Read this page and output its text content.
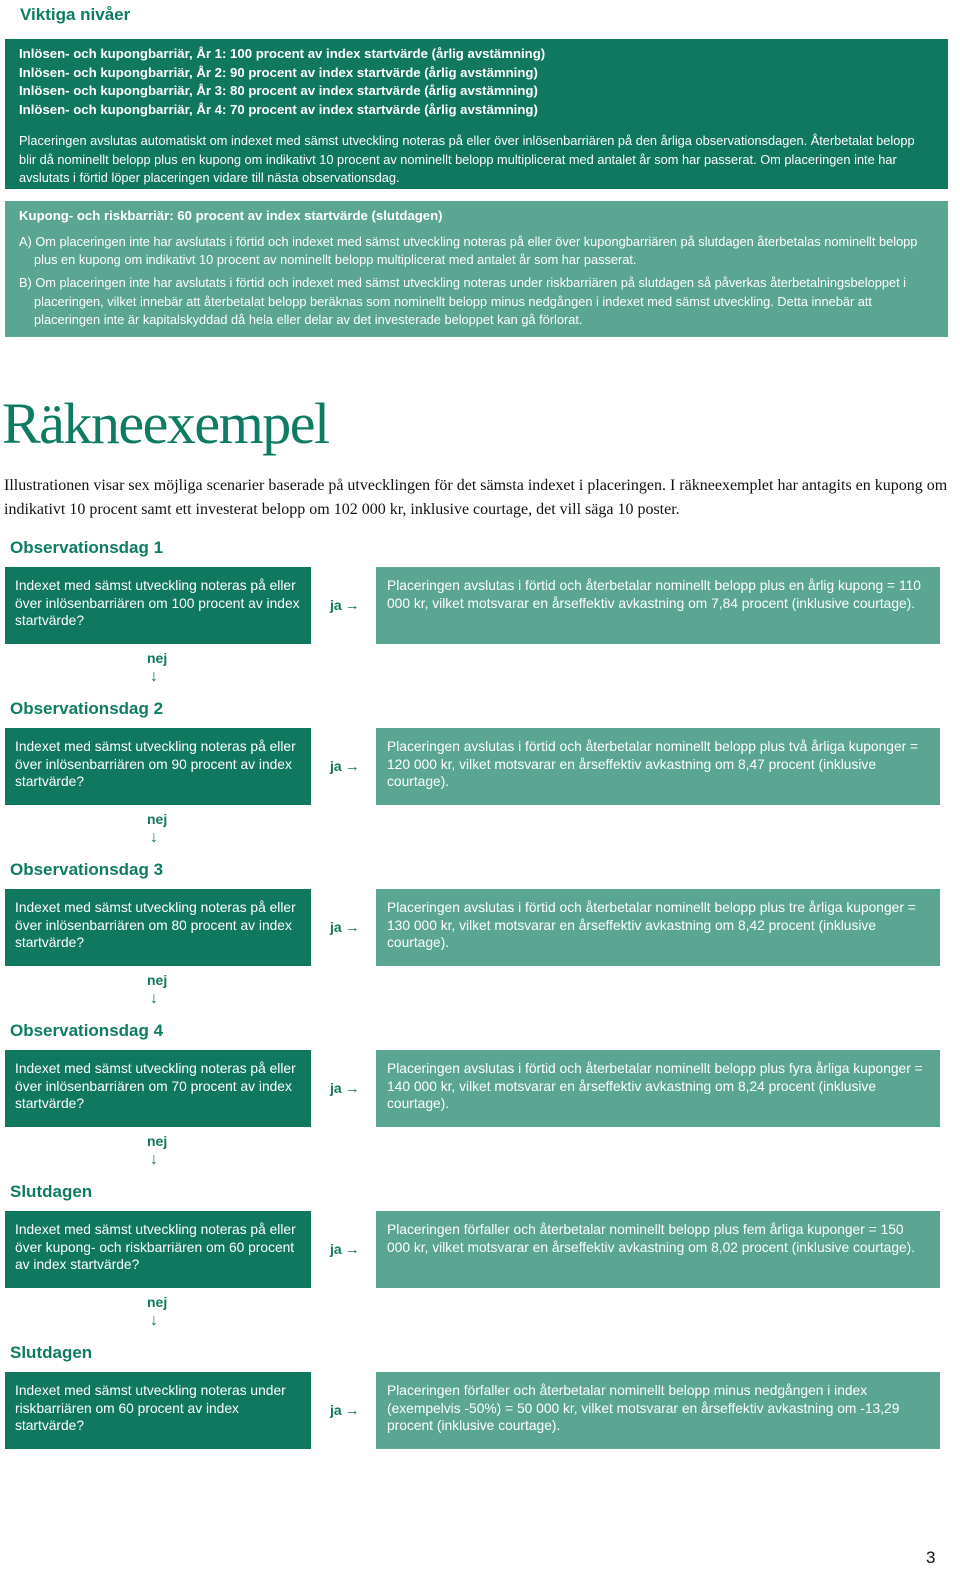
Viktiga nivåer
Inlösen- och kupongbarriär, År 1: 100 procent av index startvärde (årlig avstämning)
Inlösen- och kupongbarriär, År 2: 90 procent av index startvärde (årlig avstämning)
Inlösen- och kupongbarriär, År 3: 80 procent av index startvärde (årlig avstämning)
Inlösen- och kupongbarriär, År 4: 70 procent av index startvärde (årlig avstämning)
Placeringen avslutas automatiskt om indexet med sämst utveckling noteras på eller över inlösenbarriären på den årliga observationsdagen. Återbetalat belopp blir då nominellt belopp plus en kupong om indikativt 10 procent av nominellt belopp multiplicerat med antalet år som har passerat. Om placeringen inte har avslutats i förtid löper placeringen vidare till nästa observationsdag.
Kupong- och riskbarriär: 60 procent av index startvärde (slutdagen)
A) Om placeringen inte har avslutats i förtid och indexet med sämst utveckling noteras på eller över kupongbarriären på slutdagen återbetalas nominellt belopp plus en kupong om indikativt 10 procent av nominellt belopp multiplicerat med antalet år som har passerat.
B) Om placeringen inte har avslutats i förtid och indexet med sämst utveckling noteras under riskbarriären på slutdagen så påverkas återbetalningsbeloppet i placeringen, vilket innebär att återbetalat belopp beräknas som nominellt belopp minus nedgången i indexet med sämst utveckling. Detta innebär att placeringen inte är kapitalskyddad då hela eller delar av det investerade beloppet kan gå förlorat.
Räkneexempel
Illustrationen visar sex möjliga scenarier baserade på utvecklingen för det sämsta indexet i placeringen. I räkneexemplet har antagits en kupong om indikativt 10 procent samt ett investerat belopp om 102 000 kr, inklusive courtage, det vill säga 10 poster.
Observationsdag 1
Indexet med sämst utveckling noteras på eller över inlösenbarriären om 100 procent av index startvärde?
ja →
Placeringen avslutas i förtid och återbetalar nominellt belopp plus en årlig kupong = 110 000 kr, vilket motsvarar en årseffektiv avkastning om 7,84 procent (inklusive courtage).
nej
↓
Observationsdag 2
Indexet med sämst utveckling noteras på eller över inlösenbarriären om 90 procent av index startvärde?
ja →
Placeringen avslutas i förtid och återbetalar nominellt belopp plus två årliga kuponger = 120 000 kr, vilket motsvarar en årseffektiv avkastning om 8,47 procent (inklusive courtage).
nej
↓
Observationsdag 3
Indexet med sämst utveckling noteras på eller över inlösenbarriären om 80 procent av index startvärde?
ja →
Placeringen avslutas i förtid och återbetalar nominellt belopp plus tre årliga kuponger = 130 000 kr, vilket motsvarar en årseffektiv avkastning om 8,42 procent (inklusive courtage).
nej
↓
Observationsdag 4
Indexet med sämst utveckling noteras på eller över inlösenbarriären om 70 procent av index startvärde?
ja →
Placeringen avslutas i förtid och återbetalar nominellt belopp plus fyra årliga kuponger = 140 000 kr, vilket motsvarar en årseffektiv avkastning om 8,24 procent (inklusive courtage).
nej
↓
Slutdagen
Indexet med sämst utveckling noteras på eller över kupong- och riskbarriären om 60 procent av index startvärde?
ja →
Placeringen förfaller och återbetalar nominellt belopp plus fem årliga kuponger = 150 000 kr, vilket motsvarar en årseffektiv avkastning om 8,02 procent (inklusive courtage).
nej
↓
Slutdagen
Indexet med sämst utveckling noteras under riskbarriären om 60 procent av index startvärde?
ja →
Placeringen förfaller och återbetalar nominellt belopp minus nedgången i index (exempelvis -50%) = 50 000 kr, vilket motsvarar en årseffektiv avkastning om -13,29 procent (inklusive courtage).
3
